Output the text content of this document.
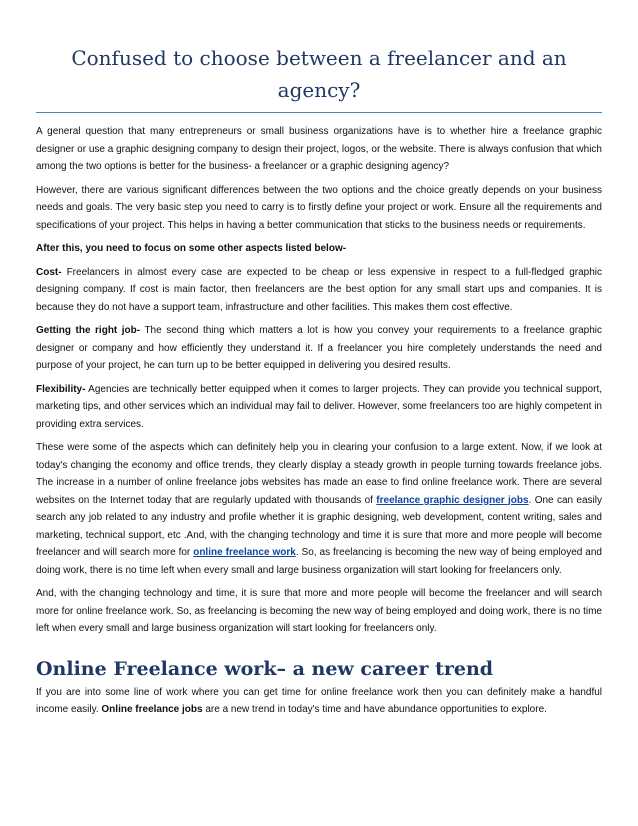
Confused to choose between a freelancer and an agency?

A general question that many entrepreneurs or small business organizations have is to whether hire a freelance graphic designer or use a graphic designing company to design their project, logos, or the website. There is always confusion that which among the two options is better for the business- a freelancer or a graphic designing agency?

However, there are various significant differences between the two options and the choice greatly depends on your business needs and goals. The very basic step you need to carry is to firstly define your project or work. Ensure all the requirements and specifications of your project. This helps in having a better communication that sticks to the business needs or requirements.

After this, you need to focus on some other aspects listed below-

Cost- Freelancers in almost every case are expected to be cheap or less expensive in respect to a full-fledged graphic designing company. If cost is main factor, then freelancers are the best option for any small start ups and companies. It is because they do not have a support team, infrastructure and other facilities. This makes them cost effective.

Getting the right job- The second thing which matters a lot is how you convey your requirements to a freelance graphic designer or company and how efficiently they understand it. If a freelancer you hire completely understands the need and purpose of your project, he can turn up to be better equipped in delivering you desired results.

Flexibility- Agencies are technically better equipped when it comes to larger projects. They can provide you technical support, marketing tips, and other services which an individual may fail to deliver. However, some freelancers too are highly competent in providing extra services.

These were some of the aspects which can definitely help you in clearing your confusion to a large extent. Now, if we look at today's changing the economy and office trends, they clearly display a steady growth in people turning towards freelance jobs. The increase in a number of online freelance jobs websites has made an ease to find online freelance work. There are several websites on the Internet today that are regularly updated with thousands of freelance graphic designer jobs. One can easily search any job related to any industry and profile whether it is graphic designing, web development, content writing, sales and marketing, technical support, etc .And, with the changing technology and time it is sure that more and more people will become freelancer and will search more for online freelance work. So, as freelancing is becoming the new way of being employed and doing work, there is no time left when every small and large business organization will start looking for freelancers only.

And, with the changing technology and time, it is sure that more and more people will become the freelancer and will search more for online freelance work. So, as freelancing is becoming the new way of being employed and doing work, there is no time left when every small and large business organization will start looking for freelancers only.

Online Freelance work– a new career trend

If you are into some line of work where you can get time for online freelance work then you can definitely make a handful income easily. Online freelance jobs are a new trend in today's time and have abundance opportunities to explore.
